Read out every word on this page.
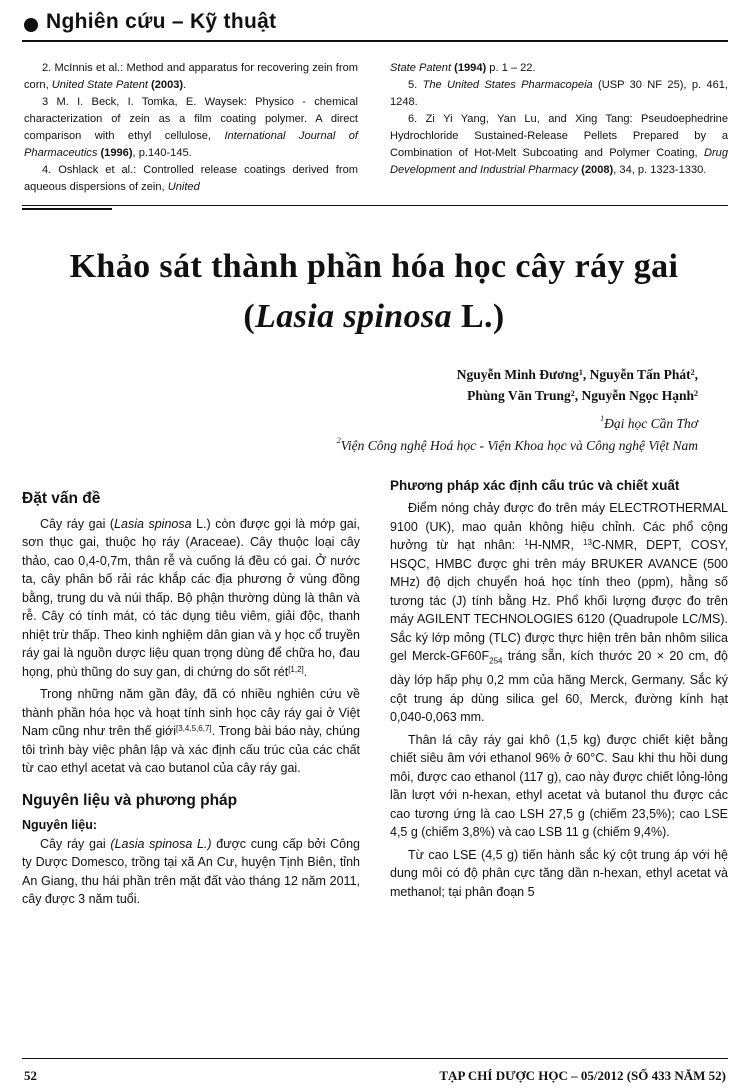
Nghiên cứu – Kỹ thuật

2. McInnis et al.: Method and apparatus for recovering zein from corn, United State Patent (2003).

3 M. I. Beck, I. Tomka, E. Waysek: Physico - chemical characterization of zein as a film coating polymer. A direct comparison with ethyl cellulose, International Journal of Pharmaceutics (1996), p.140-145.

4. Oshlack et al.: Controlled release coatings derived from aqueous dispersions of zein, United

State Patent (1994) p. 1 – 22.

5. The United States Pharmacopeia (USP 30 NF 25), p. 461, 1248.

6. Zi Yi Yang, Yan Lu, and Xing Tang: Pseudoephedrine Hydrochloride Sustained-Release Pellets Prepared by a Combination of Hot-Melt Subcoating and Polymer Coating, Drug Development and Industrial Pharmacy (2008), 34, p. 1323-1330.

Khảo sát thành phần hóa học cây ráy gai
(Lasia spinosa L.)
Nguyễn Minh Đương$^1$, Nguyễn Tấn Phát$^2$,
Phùng Văn Trung$^2$, Nguyễn Ngọc Hạnh$^2$
$^1$Đại học Cần Thơ
$^2$Viện Công nghệ Hoá học - Viện Khoa học và Công nghệ Việt Nam
Đặt vấn đề

Cây ráy gai (Lasia spinosa L.) còn được gọi là mớp gai, sơn thục gai, thuộc họ ráy (Araceae). Cây thuộc loại cây thảo, cao 0,4-0,7m, thân rễ và cuống lá đều có gai. Ở nước ta, cây phân bố rải rác khắp các địa phương ở vùng đồng bằng, trung du và núi thấp. Bộ phận thường dùng là thân và rễ. Cây có tính mát, có tác dụng tiêu viêm, giải độc, thanh nhiệt trừ thấp. Theo kinh nghiệm dân gian và y học cổ truyền ráy gai là nguồn dược liệu quan trọng dùng để chữa ho, đau họng, phù thũng do suy gan, di chứng do sốt rét[1,2].

Trong những năm gần đây, đã có nhiều nghiên cứu về thành phần hóa học và hoạt tính sinh học cây ráy gai ở Việt Nam cũng như trên thế giới[3,4,5,6,7]. Trong bài báo này, chúng tôi trình bày việc phân lập và xác định cấu trúc của các chất từ cao ethyl acetat và cao butanol của cây ráy gai.

Nguyên liệu và phương pháp
Nguyên liệu:

Cây ráy gai (Lasia spinosa L.) được cung cấp bởi Công ty Dược Domesco, trồng tại xã An Cư, huyện Tịnh Biên, tỉnh An Giang, thu hái phần trên mặt đất vào tháng 12 năm 2011, cây được 3 năm tuổi.

Phương pháp xác định cấu trúc và chiết xuất

Điểm nóng chảy được đo trên máy ELECTROTHERMAL 9100 (UK), mao quản không hiệu chỉnh. Các phổ cộng hưởng từ hạt nhân: $^1$H-NMR, $^{13}$C-NMR, DEPT, COSY, HSQC, HMBC được ghi trên máy BRUKER AVANCE (500 MHz) độ dịch chuyển hoá học tính theo (ppm), hằng số tương tác (J) tính bằng Hz. Phổ khối lượng được đo trên máy AGILENT TECHNOLOGIES 6120 (Quadrupole LC/MS). Sắc ký lớp mỏng (TLC) được thực hiện trên bản nhôm silica gel Merck-$GF60F_{254}$ tráng sẵn, kích thước 20 × 20 cm, độ dày lớp hấp phụ 0,2 mm của hãng Merck, Germany. Sắc ký cột trung áp dùng silica gel 60, Merck, đường kính hạt 0,040-0,063 mm.

Thân lá cây ráy gai khô (1,5 kg) được chiết kiệt bằng chiết siêu âm với ethanol 96% ở 60°C. Sau khi thu hồi dung môi, được cao ethanol (117 g), cao này được chiết lỏng-lỏng lần lượt với n-hexan, ethyl acetat và butanol thu được các cao tương ứng là cao LSH 27,5 g (chiếm 23,5%); cao LSE 4,5 g (chiếm 3,8%) và cao LSB 11 g (chiếm 9,4%).

Từ cao LSE (4,5 g) tiến hành sắc ký cột trung áp với hệ dung môi có độ phân cực tăng dần n-hexan, ethyl acetat và methanol; tại phân đoạn 5

52	TẠP CHÍ DƯỢC HỌC – 05/2012 (SỐ 433 NĂM 52)
